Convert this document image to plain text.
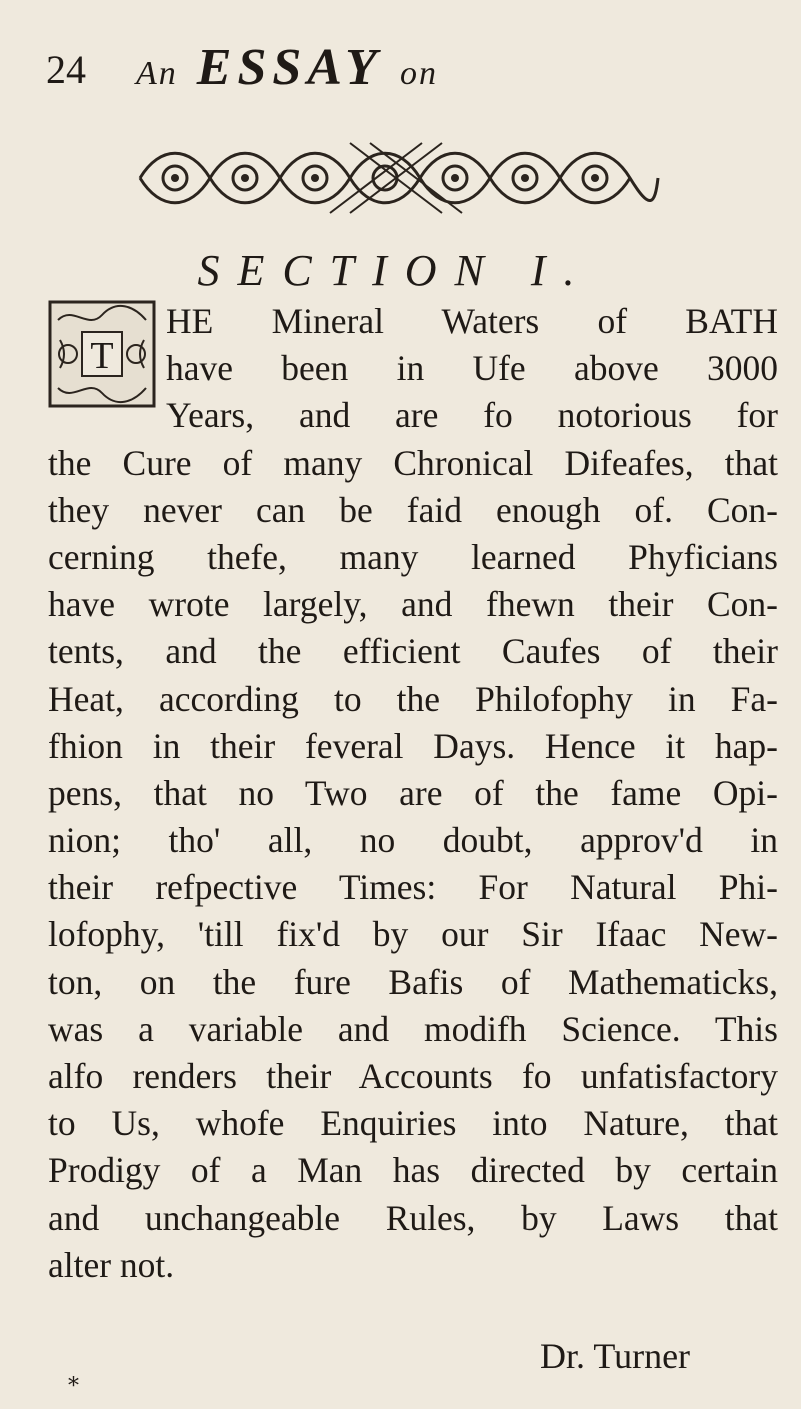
24 An ESSAY on
SECTION I.
T
HE Mineral Waters of BATH
have been in Ufe above 3000
Years, and are fo notorious for
the Cure of many Chronical Difeafes, that
they never can be faid enough of. Con-
cerning thefe, many learned Phyficians
have wrote largely, and fhewn their Con-
tents, and the efficient Caufes of their
Heat, according to the Philofophy in Fa-
fhion in their feveral Days. Hence it hap-
pens, that no Two are of the fame Opi-
nion; tho' all, no doubt, approv'd in
their refpective Times: For Natural Phi-
lofophy, 'till fix'd by our Sir Ifaac New-
ton, on the fure Bafis of Mathematicks,
was a variable and modifh Science. This
alfo renders their Accounts fo unfatisfactory
to Us, whofe Enquiries into Nature, that
Prodigy of a Man has directed by certain
and unchangeable Rules, by Laws that
alter not.
Dr. Turner
*
